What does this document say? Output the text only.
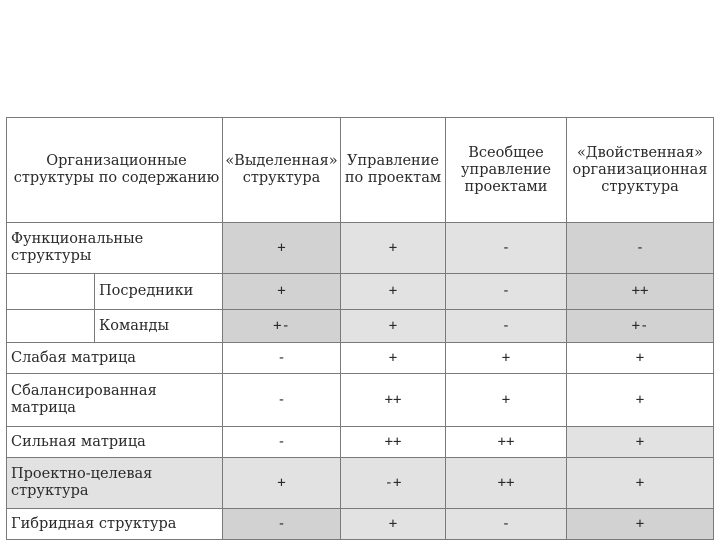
Организационные структуры по содержанию		«Выделенная» структура	Управление по проектам	Всеобщее управление проектами	«Двойственная» организационная структура
Функциональные структуры		+	+	-	-
	Посредники	+	+	-	++
	Команды	+-	+	-	+-
Слабая матрица		-	+	+	+
Сбалансированная матрица		-	++	+	+
Сильная матрица		-	++	++	+
Проектно-целевая структура		+	-+	++	+
Гибридная структура		-	+	-	+
